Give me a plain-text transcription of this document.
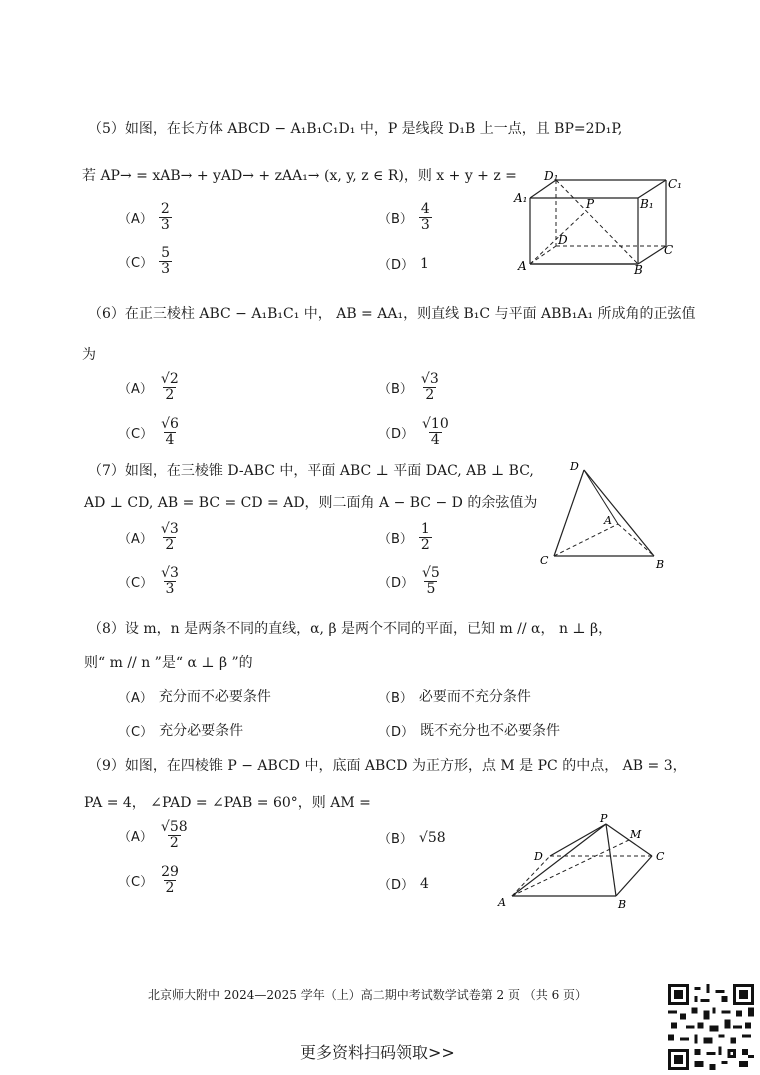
（5）如图，在长方体 ABCD − A₁B₁C₁D₁ 中，P 是线段 D₁B 上一点，且 BP=2D₁P,
若 AP→ = xAB→ + yAD→ + zAA₁→ (x, y, z ∈ R)，则 x + y + z =
$(A) \frac{2}{3}$	$(B) \frac{4}{3}$
$(C) \frac{5}{3}$	（D） 1
D₁
C₁
A₁	B₁
P
D
C
A	B
（6）在正三棱柱 ABC − A₁B₁C₁ 中， AB = AA₁，则直线 B₁C 与平面 ABB₁A₁ 所成角的正弦值
为
$(A) \frac{√2}{2}$	$(B) \frac{√3}{2}$
$(C) \frac{√6}{4}$	$(D) \frac{√10}{4}$
（7）如图，在三棱锥 D-ABC 中，平面 ABC ⊥ 平面 DAC, AB ⊥ BC,
AD ⊥ CD, AB = BC = CD = AD，则二面角 A − BC − D 的余弦值为
$(A) \frac{√3}{2}$	$(B) \frac{1}{2}$
$(C) \frac{√3}{3}$	$(D) \frac{√5}{5}$
D
A
C	B
（8）设 m，n 是两条不同的直线，α, β 是两个不同的平面，已知 m // α， n ⊥ β，
则“ m // n ”是“ α ⊥ β ”的
（A） 充分而不必要条件	（B） 必要而不充分条件
（C） 充分必要条件	（D） 既不充分也不必要条件
（9）如图，在四棱锥 P − ABCD 中，底面 ABCD 为正方形，点 M 是 PC 的中点， AB = 3，
PA = 4， ∠PAD = ∠PAB = 60°，则 AM =
$(A) \frac{√58}{2}$	（B） √58
$(C) \frac{29}{2}$	（D） 4
P
M
D	C
A	B
北京师大附中 2024—2025 学年（上）高二期中考试数学试卷第 2 页 （共 6 页）
更多资料扫码领取>>
